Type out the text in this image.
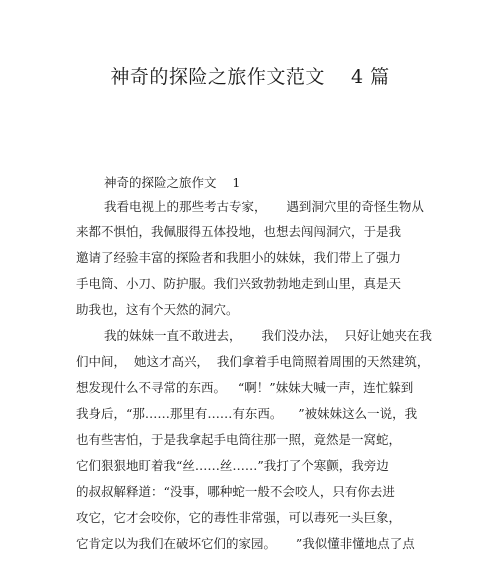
神奇的探险之旅作文范文    4 篇
神奇的探险之旅作文    1
我看电视上的那些考古专家，     遇到洞穴里的奇怪生物从
来都不惧怕，我佩服得五体投地，也想去闯闯洞穴，于是我
邀请了经验丰富的探险者和我胆小的妹妹，我们带上了强力
手电筒、小刀、防护服。我们兴致勃勃地走到山里，真是天
助我也，这有个天然的洞穴。
我的妹妹一直不敢进去，     我们没办法，  只好让她夹在我
们中间，  她这才高兴，  我们拿着手电筒照着周围的天然建筑，
想发现什么不寻常的东西。   “啊！”妹妹大喊一声，连忙躲到
我身后，“那……那里有……有东西。    ”被妹妹这么一说，我
也有些害怕，于是我拿起手电筒往那一照，竟然是一窝蛇，
它们狠狠地盯着我“丝……丝……”我打了个寒颤，我旁边
的叔叔解释道：“没事，哪种蛇一般不会咬人，只有你去进
攻它，它才会咬你，它的毒性非常强，可以毒死一头巨象，
它肯定以为我们在破坏它们的家园。     ”我似懂非懂地点了点
